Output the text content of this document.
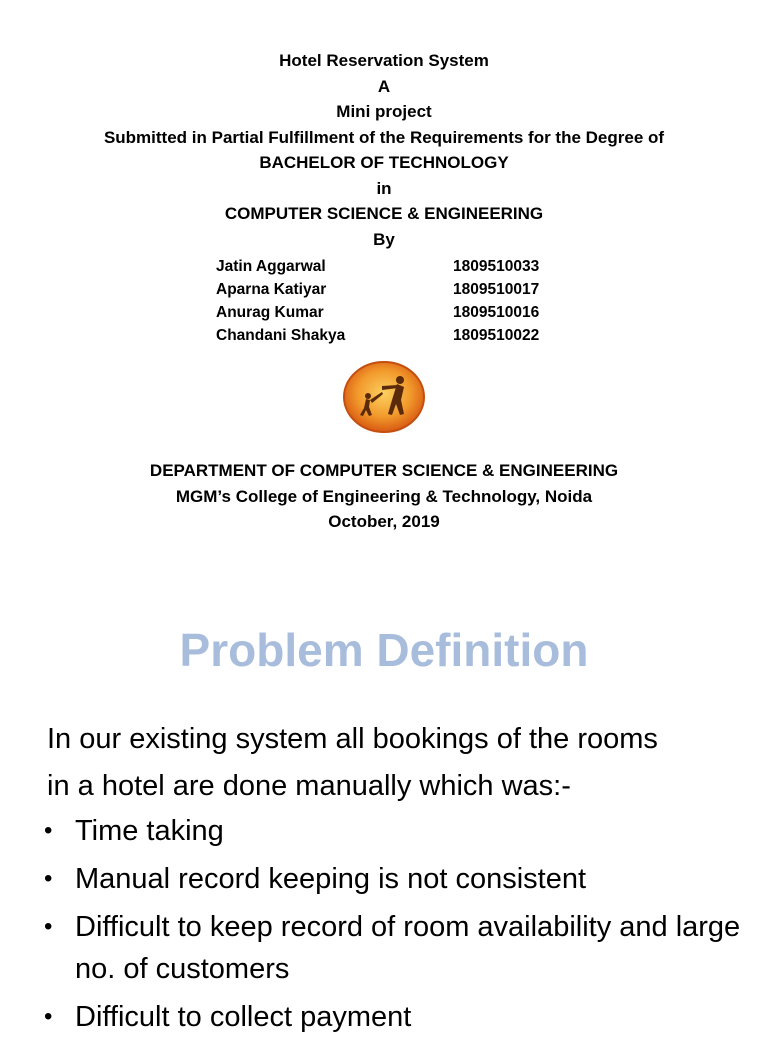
Hotel Reservation System
A
Mini project
Submitted in Partial Fulfillment of the Requirements for the Degree of
BACHELOR OF TECHNOLOGY
in
COMPUTER SCIENCE & ENGINEERING
By
Jatin Aggarwal	1809510033
Aparna Katiyar	1809510017
Anurag Kumar	1809510016
Chandani Shakya	1809510022
DEPARTMENT OF COMPUTER SCIENCE & ENGINEERING
MGM’s College of Engineering & Technology, Noida
October, 2019
Problem Definition
In our existing system all bookings of the rooms
in a hotel are done manually which was:-
• Time taking
• Manual record keeping is not consistent
• Difficult to keep record of room availability and large no. of customers
• Difficult to collect payment
